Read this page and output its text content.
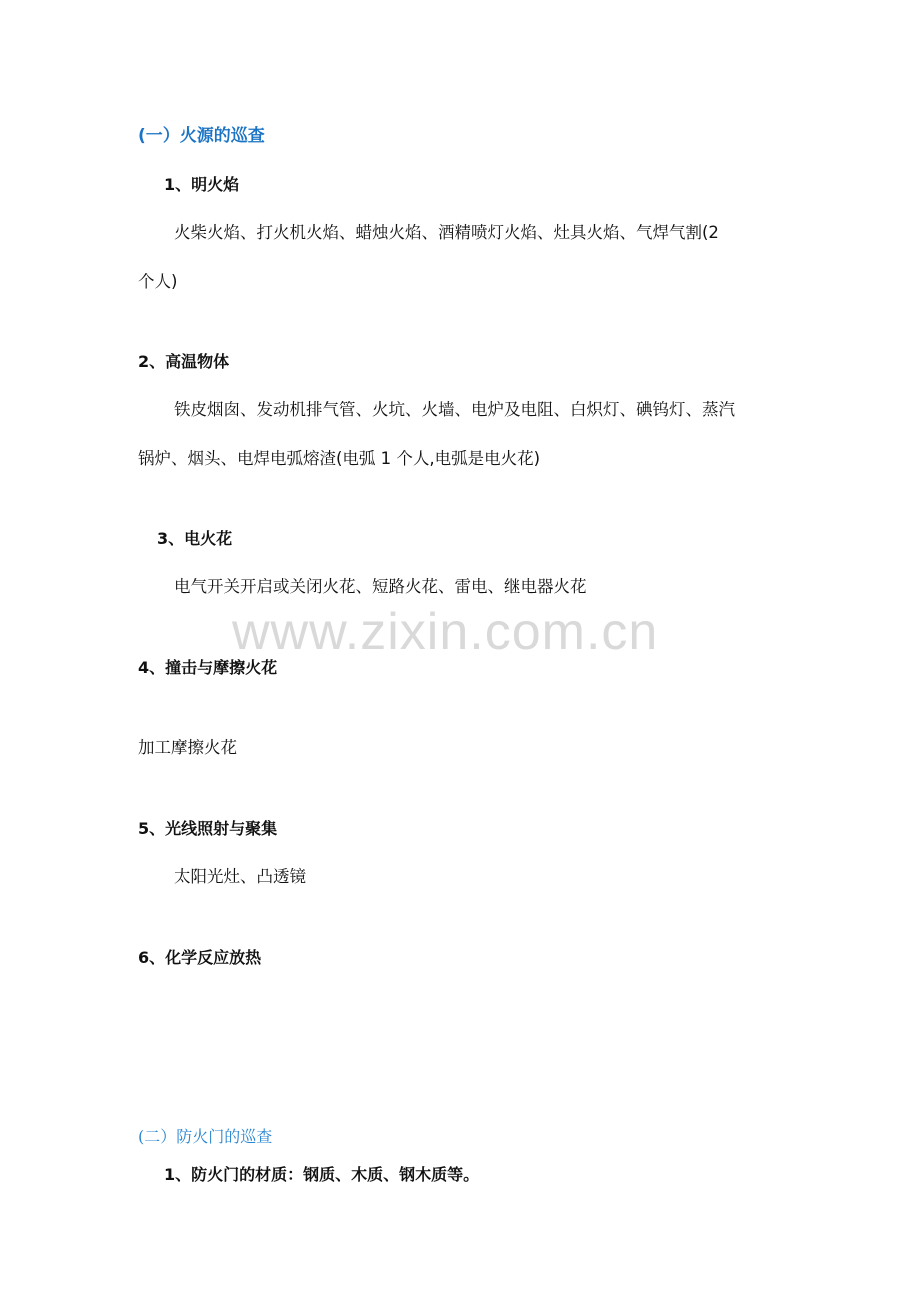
(一）火源的巡查
1、明火焰
火柴火焰、打火机火焰、蜡烛火焰、酒精喷灯火焰、灶具火焰、气焊气割(2
个人)
2、高温物体
铁皮烟囱、发动机排气管、火坑、火墙、电炉及电阻、白炽灯、碘钨灯、蒸汽
锅炉、烟头、电焊电弧熔渣(电弧 1 个人,电弧是电火花)
3、电火花
电气开关开启或关闭火花、短路火花、雷电、继电器火花
4、撞击与摩擦火花
加工摩擦火花
5、光线照射与聚集
太阳光灶、凸透镜
6、化学反应放热
(二）防火门的巡查
1、防火门的材质：钢质、木质、钢木质等。
www.zixin.com.cn
